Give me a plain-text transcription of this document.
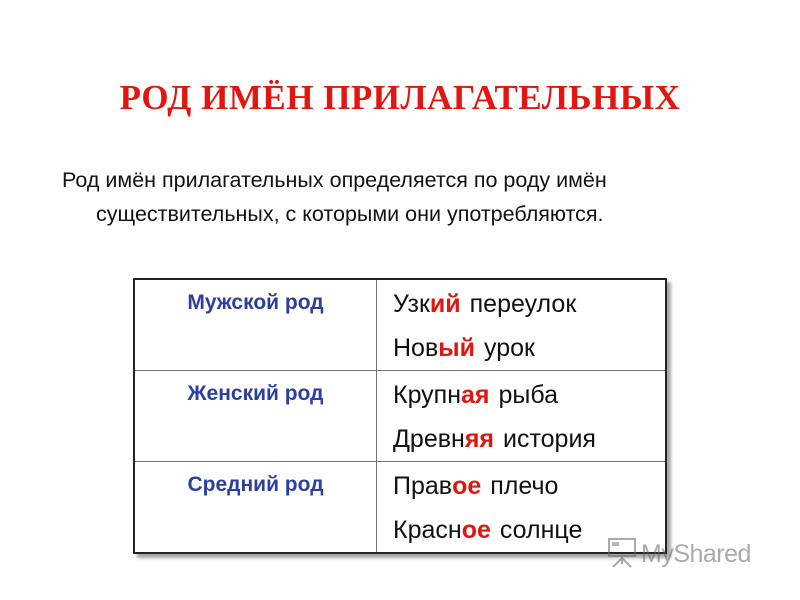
РОД ИМЁН ПРИЛАГАТЕЛЬНЫХ
Род имён прилагательных определяется по роду имён
существительных, с которыми они употребляются.
Мужской род	Узкий переулок
Новый урок

Женский род	Крупная рыба
Древняя история

Средний род	Правое плечо
Красное солнце
MyShared
